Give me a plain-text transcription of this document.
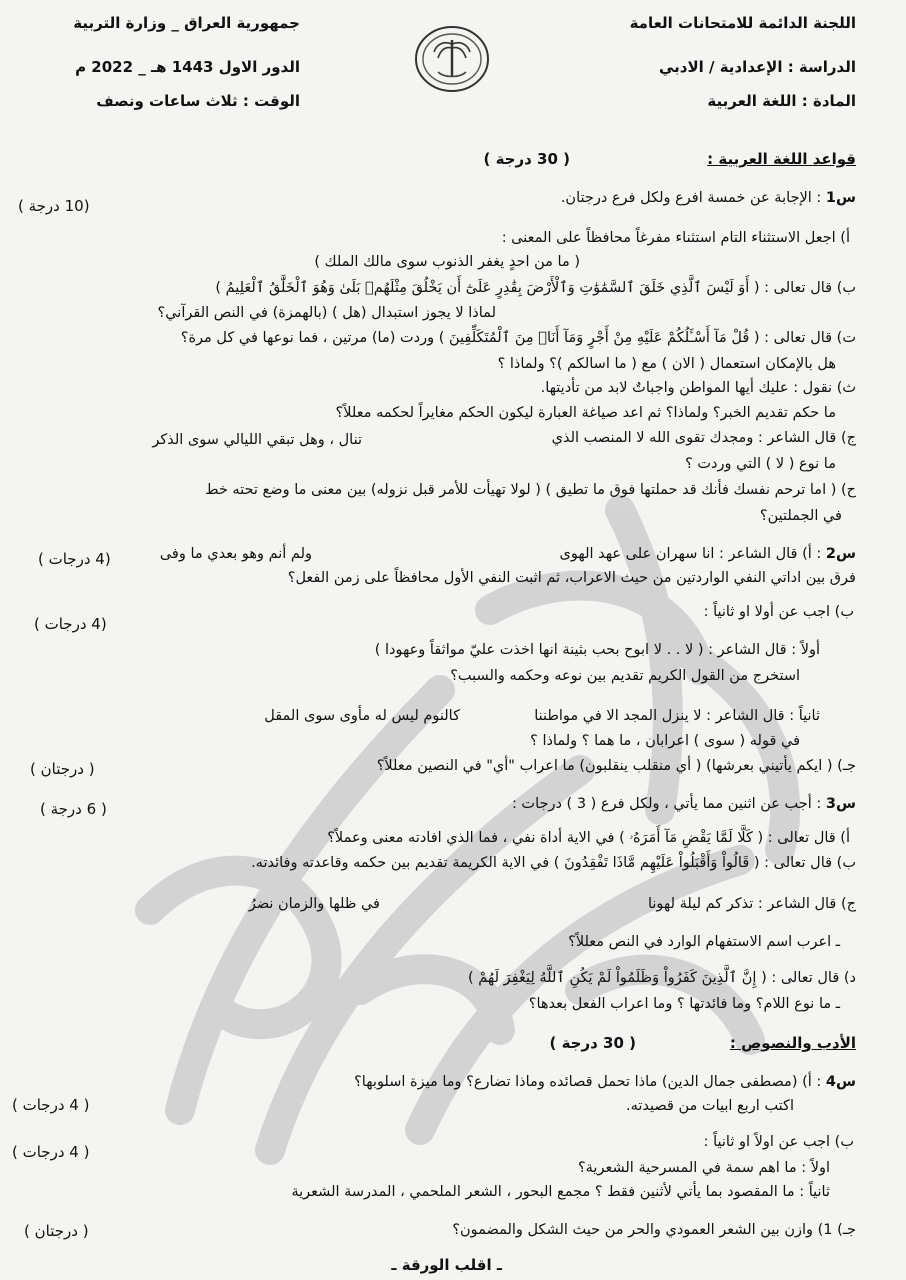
اللجنة الدائمة للامتحانات العامة
الدراسة : الإعدادية / الادبي
المادة : اللغة العربية
جمهورية العراق _ وزارة التربية
الدور الاول 1443 هـ _ 2022 م
الوقت : ثلاث ساعات ونصف
قواعد اللغة العربية :
( 30 درجة )
س1 : الإجابة عن خمسة افرع ولكل فرع درجتان.
(10 درجة )
أ) اجعل الاستثناء التام استثناء مفرغاً محافظاً على المعنى :
( ما من احدٍ يغفر الذنوب سوى مالك الملك )
ب) قال تعالى : ( أَوَ لَيْسَ ٱلَّذِي خَلَقَ ٱلسَّمَٰوَٰتِ وَٱلْأَرْضَ بِقَٰدِرٍ عَلَىٰٓ أَن يَخْلُقَ مِثْلَهُمۚ بَلَىٰ وَهُوَ ٱلْخَلَّٰقُ ٱلْعَلِيمُ )
لماذا لا يجوز استبدال (هل ) (بالهمزة) في النص القرآني؟
ت) قال تعالى : ( قُلْ مَآ أَسْـَٔلُكُمْ عَلَيْهِ مِنْ أَجْرٍ وَمَآ أَنَا۠ مِنَ ٱلْمُتَكَلِّفِينَ ) وردت (ما) مرتين ، فما نوعها في كل مرة؟
هل بالإمكان استعمال ( الان ) مع ( ما اسالكم )؟ ولماذا ؟
ث) نقول : عليك أيها المواطن واجباتٌ لابد من تأديتها.
ما حكم تقديم الخبر؟ ولماذا؟ ثم اعد صياغة العبارة ليكون الحكم مغايراً لحكمه معللاً؟
ج) قال الشاعر : ومجدك تقوى الله لا المنصب الذي
تنال ، وهل تبقي الليالي سوى الذكر
ما نوع ( لا ) التي وردت ؟
ح) ( اما ترحم نفسك فأنك قد حملتها فوق ما تطيق ) ( لولا تهيأت للأمر قبل نزوله) بين معنى ما وضع تحته خط
في الجملتين؟
س2 : أ) قال الشاعر : انا سهران على عهد الهوى
ولم أنم وهو بعدي ما وفى
(4 درجات )
فرق بين اداتي النفي الواردتين من حيث الاعراب، ثم اثبت النفي الأول محافظاً على زمن الفعل؟
ب) اجب عن أولا او ثانياً :
(4 درجات )
أولاً : قال الشاعر : ( لا . . لا ابوح بحب بثينة انها اخذت عليّ مواثقاً وعهودا )
استخرج من القول الكريم تقديم بين نوعه وحكمه والسبب؟
ثانياً : قال الشاعر : لا ينزل المجد الا في مواطننا
كالنوم ليس له مأوى سوى المقل
في قوله ( سوى ) اعرابان ، ما هما ؟ ولماذا ؟
جـ) ( ايكم يأتيني بعرشها) ( أي منقلب ينقلبون) ما اعراب "أي" في النصين معللاً؟
( درجتان )
س3 : أجب عن اثنين مما يأتي ، ولكل فرع ( 3 ) درجات :
( 6 درجة )
أ) قال تعالى : ( كَلَّا لَمَّا يَقْضِ مَآ أَمَرَهُۥ ) في الاية أداة نفي ، فما الذي افادته معنى وعملاً؟
ب) قال تعالى : ( قَالُواْ وَأَقْبَلُواْ عَلَيْهِم مَّاذَا تَفْقِدُونَ ) في الاية الكريمة تقديم بين حكمه وقاعدته وفائدته.
ج) قال الشاعر : تذكر كم ليلة لهونا
في ظلها والزمان نضرُ
ـ اعرب اسم الاستفهام الوارد في النص معللاً؟
د) قال تعالى : ( إِنَّ ٱلَّذِينَ كَفَرُواْ وَظَلَمُواْ لَمْ يَكُنِ ٱللَّهُ لِيَغْفِرَ لَهُمْ )
ـ ما نوع اللام؟ وما فائدتها ؟ وما اعراب الفعل بعدها؟
الأدب والنصوص :
( 30 درجة )
س4 : أ) (مصطفى جمال الدين) ماذا تحمل قصائده وماذا تضارع؟ وما ميزة اسلوبها؟
اكتب اربع ابيات من قصيدته.
( 4 درجات )
ب) اجب عن اولاً او ثانياً :
( 4 درجات )
اولاً : ما اهم سمة في المسرحية الشعرية؟
ثانياً : ما المقصود بما يأتي لأثنين فقط ؟ مجمع البحور ، الشعر الملحمي ، المدرسة الشعرية
جـ) 1) وازن بين الشعر العمودي والحر من حيث الشكل والمضمون؟
( درجتان )
ـ اقلب الورقة ـ
